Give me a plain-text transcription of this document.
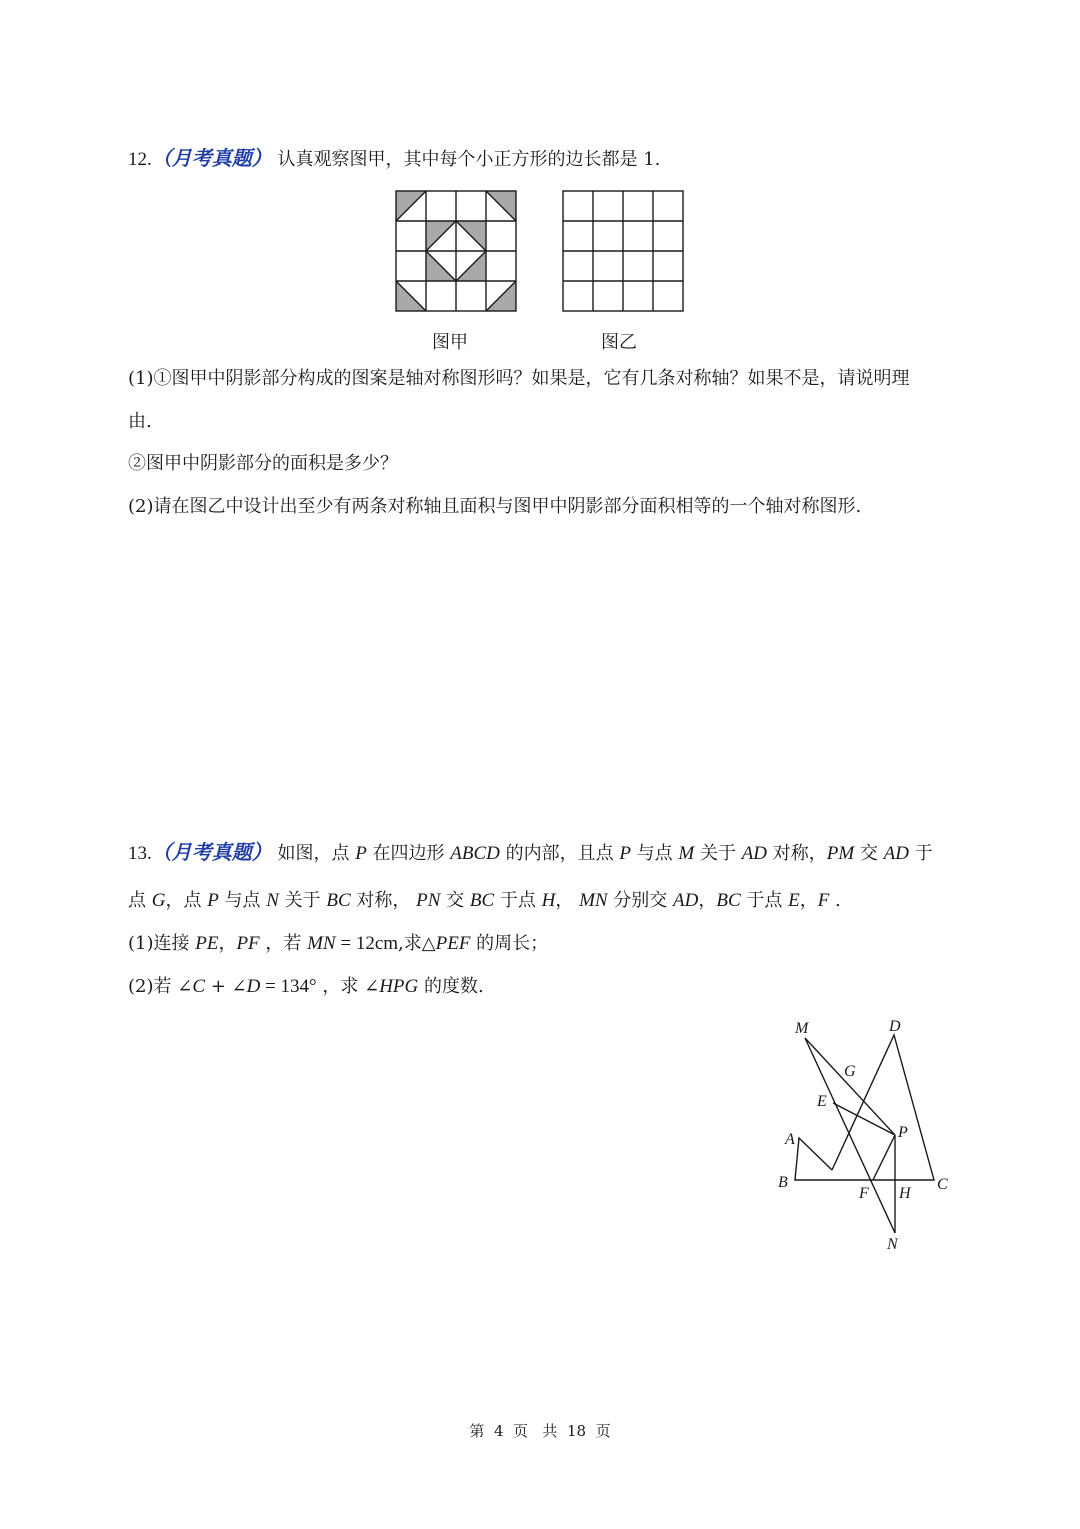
12.（月考真题） 认真观察图甲，其中每个小正方形的边长都是 1.
图甲	图乙
(1)①图甲中阴影部分构成的图案是轴对称图形吗？如果是，它有几条对称轴？如果不是，请说明理
由.
②图甲中阴影部分的面积是多少？
(2)请在图乙中设计出至少有两条对称轴且面积与图甲中阴影部分面积相等的一个轴对称图形.
13.（月考真题） 如图，点 P 在四边形 ABCD 的内部，且点 P 与点 M 关于 AD 对称，PM 交 AD 于
点 G，点 P 与点 N 关于 BC 对称， PN 交 BC 于点 H， MN 分别交 AD，BC 于点 E，F .
(1)连接 PE，PF ，若 MN = 12cm,求△PEF 的周长；
(2)若 ∠C + ∠D = 134° ，求 ∠HPG 的度数.
M	D
G
E
P
A
B
F H
C
N
第 4 页 共 18 页
